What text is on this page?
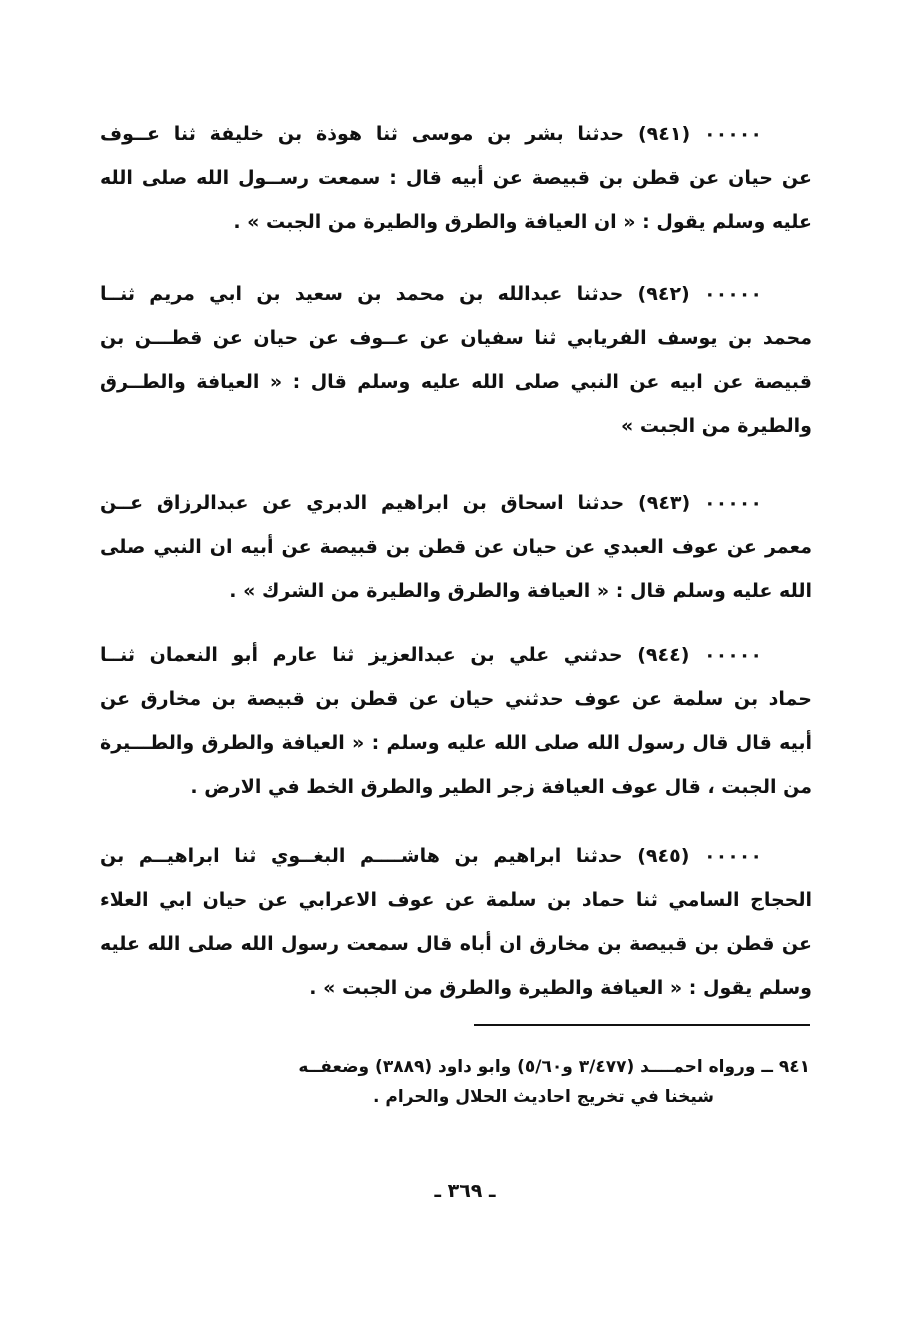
٠٠٠٠٠ (٩٤١) حدثنا بشر بن موسى ثنا هوذة بن خليفة ثنا عــوف
عن حيان عن قطن بن قبيصة عن أبيه قال : سمعت رســول الله صلى الله
عليه وسلم يقول : « ان العيافة والطرق والطيرة من الجبت » .
٠٠٠٠٠ (٩٤٢) حدثنا عبدالله بن محمد بن سعيد بن ابي مريم ثنــا
محمد بن يوسف الفريابي ثنا سفيان عن عــوف عن حيان عن قطـــن بن
قبيصة عن ابيه عن النبي صلى الله عليه وسلم قال : « العيافة والطــرق
والطيرة من الجبت »
٠٠٠٠٠ (٩٤٣) حدثنا اسحاق بن ابراهيم الدبري عن عبدالرزاق عــن
معمر عن عوف العبدي عن حيان عن قطن بن قبيصة عن أبيه ان النبي صلى
الله عليه وسلم قال : « العيافة والطرق والطيرة من الشرك » .
٠٠٠٠٠ (٩٤٤) حدثني علي بن عبدالعزيز ثنا عارم أبو النعمان ثنــا
حماد بن سلمة عن عوف حدثني حيان عن قطن بن قبيصة بن مخارق عن
أبيه قال قال رسول الله صلى الله عليه وسلم : « العيافة والطرق والطـــيرة
من الجبت ، قال عوف العيافة زجر الطير والطرق الخط في الارض .
٠٠٠٠٠ (٩٤٥) حدثنا ابراهيم بن هاشــــم البغــوي ثنا ابراهيــم بن
الحجاج السامي ثنا حماد بن سلمة عن عوف الاعرابي عن حيان ابي العلاء
عن قطن بن قبيصة بن مخارق ان أباه قال سمعت رسول الله صلى الله عليه
وسلم يقول : « العيافة والطيرة والطرق من الجبت » .
٩٤١ ــ ورواه احمــــد (٣/٤٧٧ و٥/٦٠) وابو داود (٣٨٨٩) وضعفــه
شيخنا في تخريج احاديث الحلال والحرام .
ـ ٣٦٩ ـ
